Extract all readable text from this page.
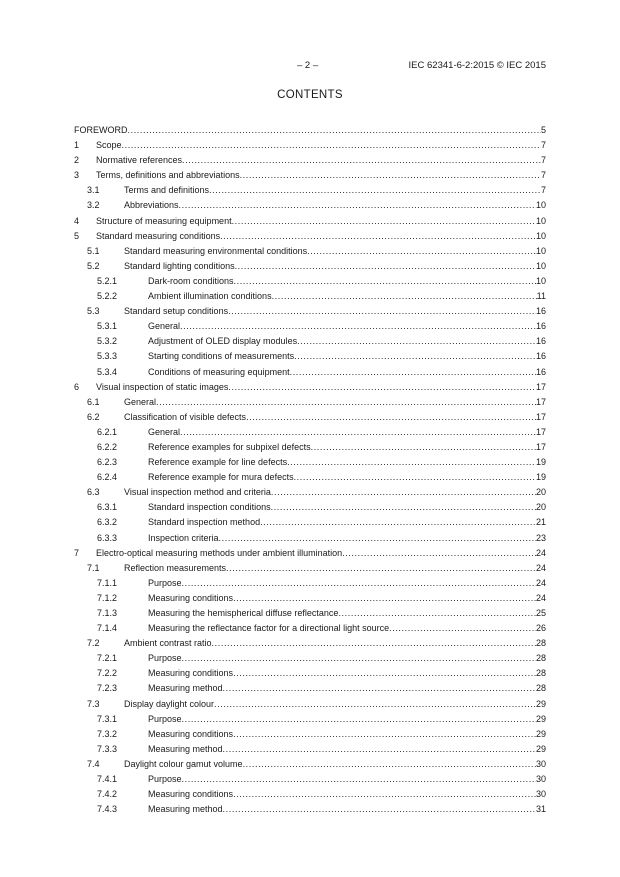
– 2 –	IEC 62341-6-2:2015 © IEC 2015
CONTENTS
FOREWORD .....	5
1 Scope .....	7
2 Normative references .....	7
3 Terms, definitions and abbreviations .....	7
3.1	Terms and definitions .....	7
3.2	Abbreviations .....	10
4 Structure of measuring equipment .....	10
5 Standard measuring conditions .....	10
5.1	Standard measuring environmental conditions .....	10
5.2	Standard lighting conditions .....	10
5.2.1	Dark-room conditions .....	10
5.2.2	Ambient illumination conditions .....	11
5.3	Standard setup conditions .....	16
5.3.1	General .....	16
5.3.2	Adjustment of OLED display modules .....	16
5.3.3	Starting conditions of measurements .....	16
5.3.4	Conditions of measuring equipment .....	16
6 Visual inspection of static images .....	17
6.1	General .....	17
6.2	Classification of visible defects .....	17
6.2.1	General .....	17
6.2.2	Reference examples for subpixel defects .....	17
6.2.3	Reference example for line defects .....	19
6.2.4	Reference example for mura defects .....	19
6.3	Visual inspection method and criteria .....	20
6.3.1	Standard inspection conditions .....	20
6.3.2	Standard inspection method .....	21
6.3.3	Inspection criteria .....	23
7 Electro-optical measuring methods under ambient illumination .....	24
7.1	Reflection measurements .....	24
7.1.1	Purpose .....	24
7.1.2	Measuring conditions .....	24
7.1.3	Measuring the hemispherical diffuse reflectance .....	25
7.1.4	Measuring the reflectance factor for a directional light source .....	26
7.2	Ambient contrast ratio .....	28
7.2.1	Purpose .....	28
7.2.2	Measuring conditions .....	28
7.2.3	Measuring method .....	28
7.3	Display daylight colour .....	29
7.3.1	Purpose .....	29
7.3.2	Measuring conditions .....	29
7.3.3	Measuring method .....	29
7.4	Daylight colour gamut volume .....	30
7.4.1	Purpose .....	30
7.4.2	Measuring conditions .....	30
7.4.3	Measuring method .....	31
